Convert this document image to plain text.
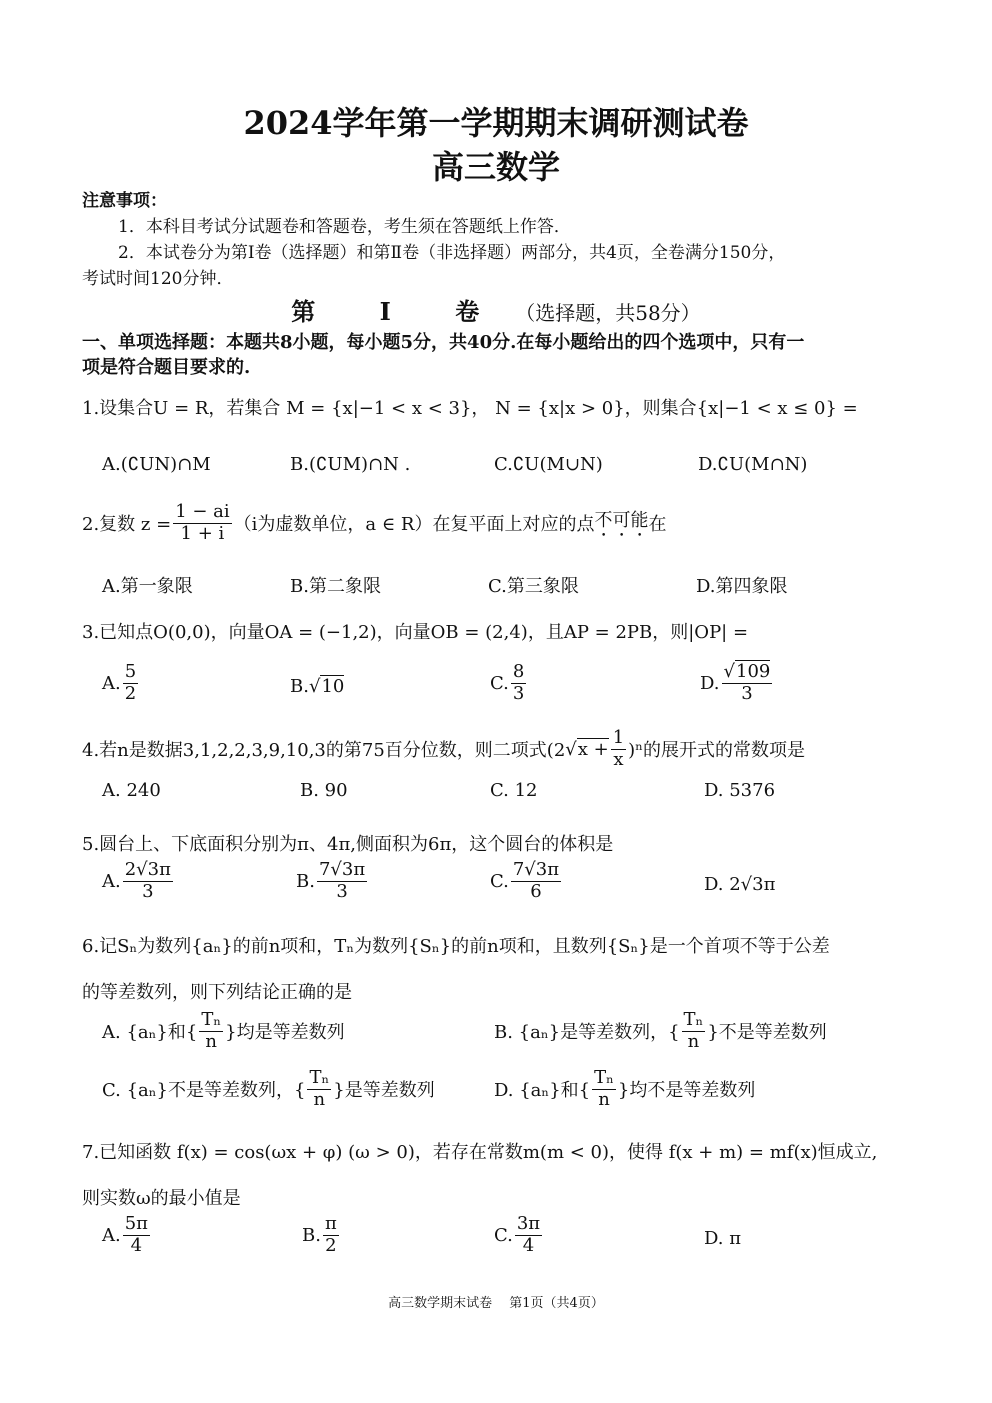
2024学年第一学期期末调研测试卷
高三数学
注意事项：
1．本科目考试分试题卷和答题卷，考生须在答题纸上作答．
2．本试卷分为第Ⅰ卷（选择题）和第Ⅱ卷（非选择题）两部分，共4页，全卷满分150分，
考试时间120分钟．
第 Ⅰ 卷 （选择题，共58分）
一、单项选择题：本题共8小题，每小题5分，共40分.在每小题给出的四个选项中，只有一
项是符合题目要求的.
1.设集合U = R，若集合 M = {x|−1 < x < 3}， N = {x|x > 0}，则集合{x|−1 < x ≤ 0} =
A.(∁UN)∩M	B.(∁UM)∩N .	C.∁U(M∪N)	D.∁U(M∩N)
2.复数 $z = \frac{1 - ai}{1 + i} (i$为虚数单位，a ∈ R）在复平面上对应的点 不可能 在
A.第一象限	B.第二象限	C.第三象限	D.第四象限
3.已知点O(0,0)，向量OA = (−1,2)，向量OB = (2,4)，且AP = 2PB，则|OP| =
A. $\frac{5}{2}$	B.√10	C. $\frac{8}{3}$	D. $\frac{√109}{3}$
4.若n是数据3,1,2,2,3,9,10,3的第75百分位数，则二项式(2 √ $x + \frac{1}{x} )^n$的展开式的常数项是
A. 240	B. 90	C. 12	D. 5376
5.圆台上、下底面积分别为π、4π,侧面积为6π，这个圆台的体积是
A. $\frac{2√3\pi}{3}$	B. $\frac{7√3\pi}{3}$	C. $\frac{7√3\pi}{6}$	D. 2√3π
6.记Sₙ为数列{aₙ}的前n项和，Tₙ为数列{Sₙ}的前n项和，且数列{Sₙ}是一个首项不等于公差
的等差数列，则下列结论正确的是
A. {aₙ}和{ $\frac{\text{Tₙ}}{n}$ }均是等差数列	B. {aₙ}是等差数列，{ $\frac{\text{Tₙ}}{n}$ }不是等差数列
C. {aₙ}不是等差数列，{ $\frac{\text{Tₙ}}{n}$ }是等差数列	D. {aₙ}和{ $\frac{\text{Tₙ}}{n}$ }均不是等差数列
7.已知函数 f(x) = cos(ωx + φ) (ω > 0)，若存在常数m(m < 0)，使得 f(x + m) = mf(x)恒成立,
则实数ω的最小值是
A. $\frac{5\pi}{4}$	B. $\frac{\pi}{2}$	C. $\frac{3\pi}{4}$	D. π
高三数学期末试卷　 第1页（共4页）
